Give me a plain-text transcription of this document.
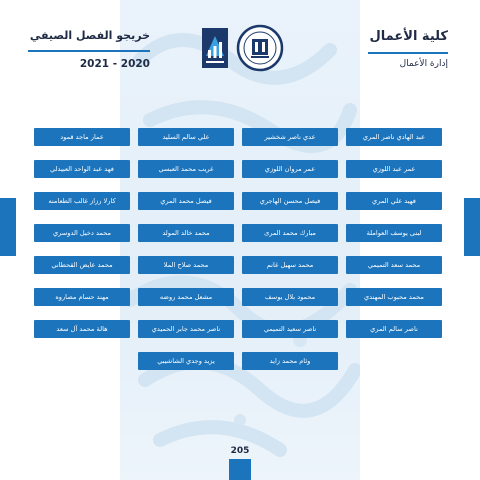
كلية الأعمال
إدارة الأعمال
خريجو الفصل الصيفي
2021 - 2020
عبد الهادي ناصر المري
عدي ناصر شخشير
علي سالم السليد
عمار ماجد قمود
عمر عبد اللوزي
عمر مروان اللوزي
غريب محمد العبسي
فهد عبد الواحد العبيدلي
فهيد علي المري
فيصل محسن الهاجري
فيصل محمد المري
كارلا رزاز غالب الطعامنه
لبنى يوسف العواملة
مبارك محمد المرى
محمد خالد المولد
محمد دخيل الدوسري
محمد سعد التميمي
محمد سهيل غانم
محمد صلاح الملا
محمد عايض القحطاني
محمد محبوب المهندي
محمود بلال يوسف
مشعل محمد روضه
مهند حسام مصاروه
ناصر سالم المري
ناصر سعيد التميمي
ناصر محمد جابر الحميدي
هالة محمد آل سعد
وئام محمد زايد
يزيد وجدي الشاشيبي
205
